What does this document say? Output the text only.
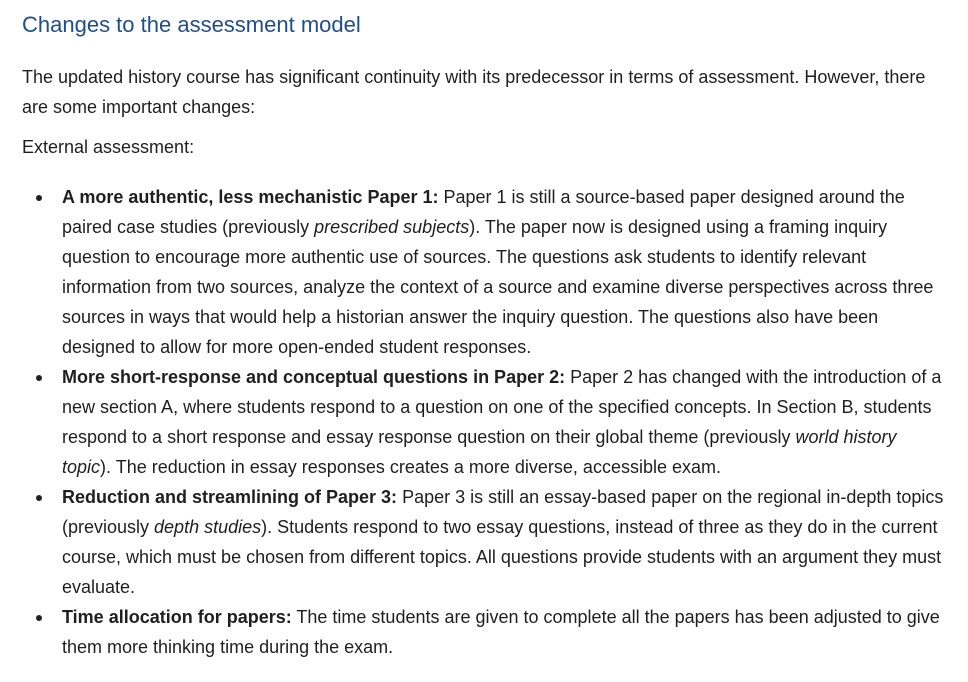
Changes to the assessment model

The updated history course has significant continuity with its predecessor in terms of assessment. However, there are some important changes:

External assessment:

A more authentic, less mechanistic Paper 1: Paper 1 is still a source-based paper designed around the paired case studies (previously prescribed subjects). The paper now is designed using a framing inquiry question to encourage more authentic use of sources. The questions ask students to identify relevant information from two sources, analyze the context of a source and examine diverse perspectives across three sources in ways that would help a historian answer the inquiry question. The questions also have been designed to allow for more open-ended student responses.
More short-response and conceptual questions in Paper 2: Paper 2 has changed with the introduction of a new section A, where students respond to a question on one of the specified concepts. In Section B, students respond to a short response and essay response question on their global theme (previously world history topic). The reduction in essay responses creates a more diverse, accessible exam.
Reduction and streamlining of Paper 3: Paper 3 is still an essay-based paper on the regional in-depth topics (previously depth studies). Students respond to two essay questions, instead of three as they do in the current course, which must be chosen from different topics. All questions provide students with an argument they must evaluate.
Time allocation for papers: The time students are given to complete all the papers has been adjusted to give them more thinking time during the exam.
